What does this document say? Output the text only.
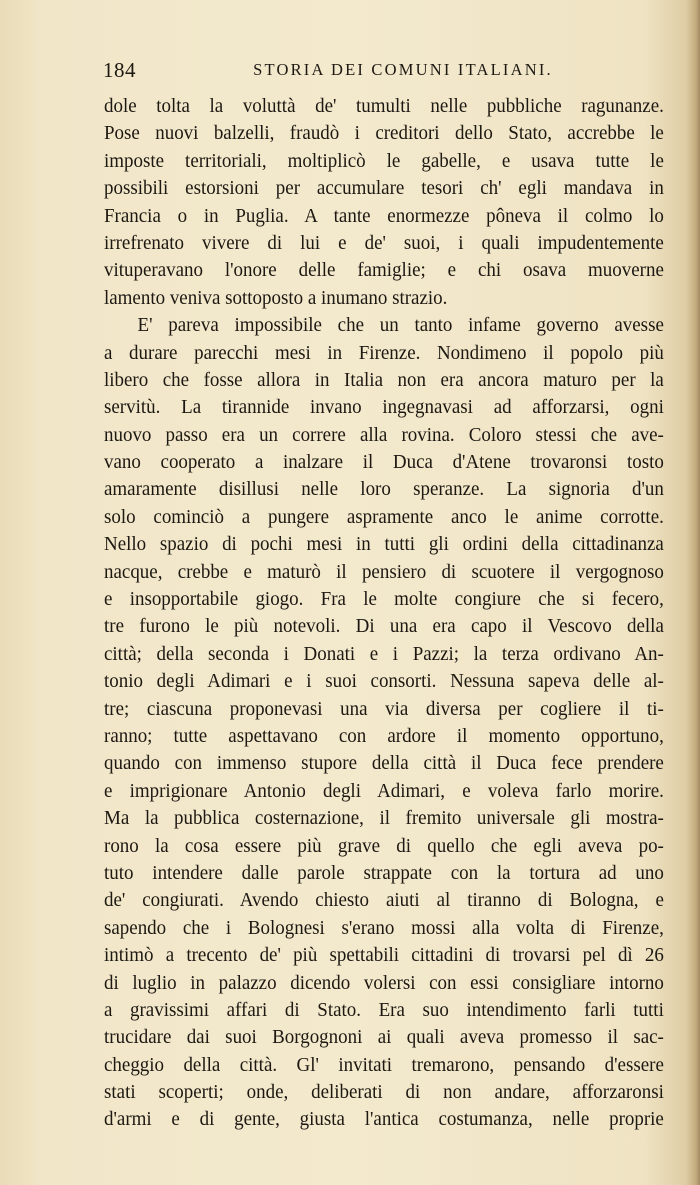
184	STORIA DEI COMUNI ITALIANI.
dole tolta la voluttà de' tumulti nelle pubbliche ragunanze.
Pose nuovi balzelli, fraudò i creditori dello Stato, accrebbe le
imposte territoriali, moltiplicò le gabelle, e usava tutte le
possibili estorsioni per accumulare tesori ch' egli mandava in
Francia o in Puglia. A tante enormezze pôneva il colmo lo
irrefrenato vivere di lui e de' suoi, i quali impudentemente
vituperavano l'onore delle famiglie; e chi osava muoverne
lamento veniva sottoposto a inumano strazio.
E' pareva impossibile che un tanto infame governo avesse
a durare parecchi mesi in Firenze. Nondimeno il popolo più
libero che fosse allora in Italia non era ancora maturo per la
servitù. La tirannide invano ingegnavasi ad afforzarsi, ogni
nuovo passo era un correre alla rovina. Coloro stessi che ave-
vano cooperato a inalzare il Duca d'Atene trovaronsi tosto
amaramente disillusi nelle loro speranze. La signoria d'un
solo cominciò a pungere aspramente anco le anime corrotte.
Nello spazio di pochi mesi in tutti gli ordini della cittadinanza
nacque, crebbe e maturò il pensiero di scuotere il vergognoso
e insopportabile giogo. Fra le molte congiure che si fecero,
tre furono le più notevoli. Di una era capo il Vescovo della
città; della seconda i Donati e i Pazzi; la terza ordivano An-
tonio degli Adimari e i suoi consorti. Nessuna sapeva delle al-
tre; ciascuna proponevasi una via diversa per cogliere il ti-
ranno; tutte aspettavano con ardore il momento opportuno,
quando con immenso stupore della città il Duca fece prendere
e imprigionare Antonio degli Adimari, e voleva farlo morire.
Ma la pubblica costernazione, il fremito universale gli mostra-
rono la cosa essere più grave di quello che egli aveva po-
tuto intendere dalle parole strappate con la tortura ad uno
de' congiurati. Avendo chiesto aiuti al tiranno di Bologna, e
sapendo che i Bolognesi s'erano mossi alla volta di Firenze,
intimò a trecento de' più spettabili cittadini di trovarsi pel dì 26
di luglio in palazzo dicendo volersi con essi consigliare intorno
a gravissimi affari di Stato. Era suo intendimento farli tutti
trucidare dai suoi Borgognoni ai quali aveva promesso il sac-
cheggio della città. Gl' invitati tremarono, pensando d'essere
stati scoperti; onde, deliberati di non andare, afforzaronsi
d'armi e di gente, giusta l'antica costumanza, nelle proprie
